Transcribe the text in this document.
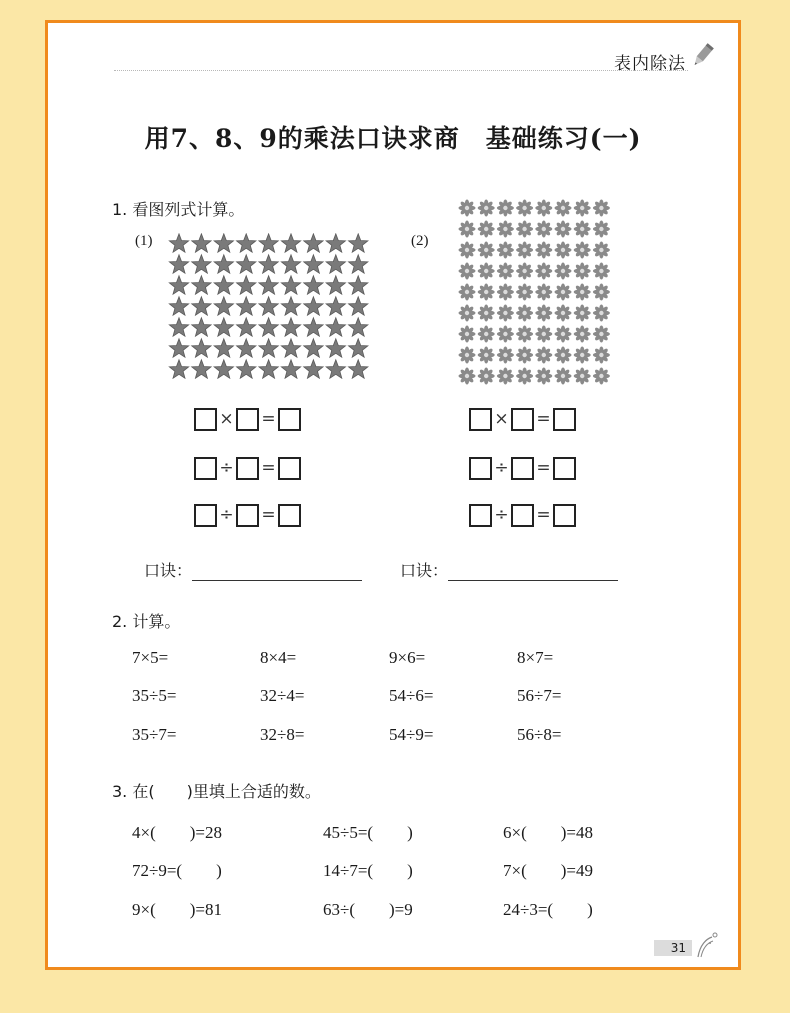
表内除法
用7、8、9的乘法口诀求商　基础练习(一)
1. 看图列式计算。
(1)	(2)
× =
÷ =
÷ =
× =
÷ =
÷ =
口诀：	口诀：
2. 计算。
7×5=	8×4=	9×6=	8×7=
35÷5=	32÷4=	54÷6=	56÷7=
35÷7=	32÷8=	54÷9=	56÷8=
3. 在(　　)里填上合适的数。
4×(　　)=28	45÷5=(　　)	6×(　　)=48
72÷9=(　　)	14÷7=(　　)	7×(　　)=49
9×(　　)=81	63÷(　　)=9	24÷3=(　　)
31
